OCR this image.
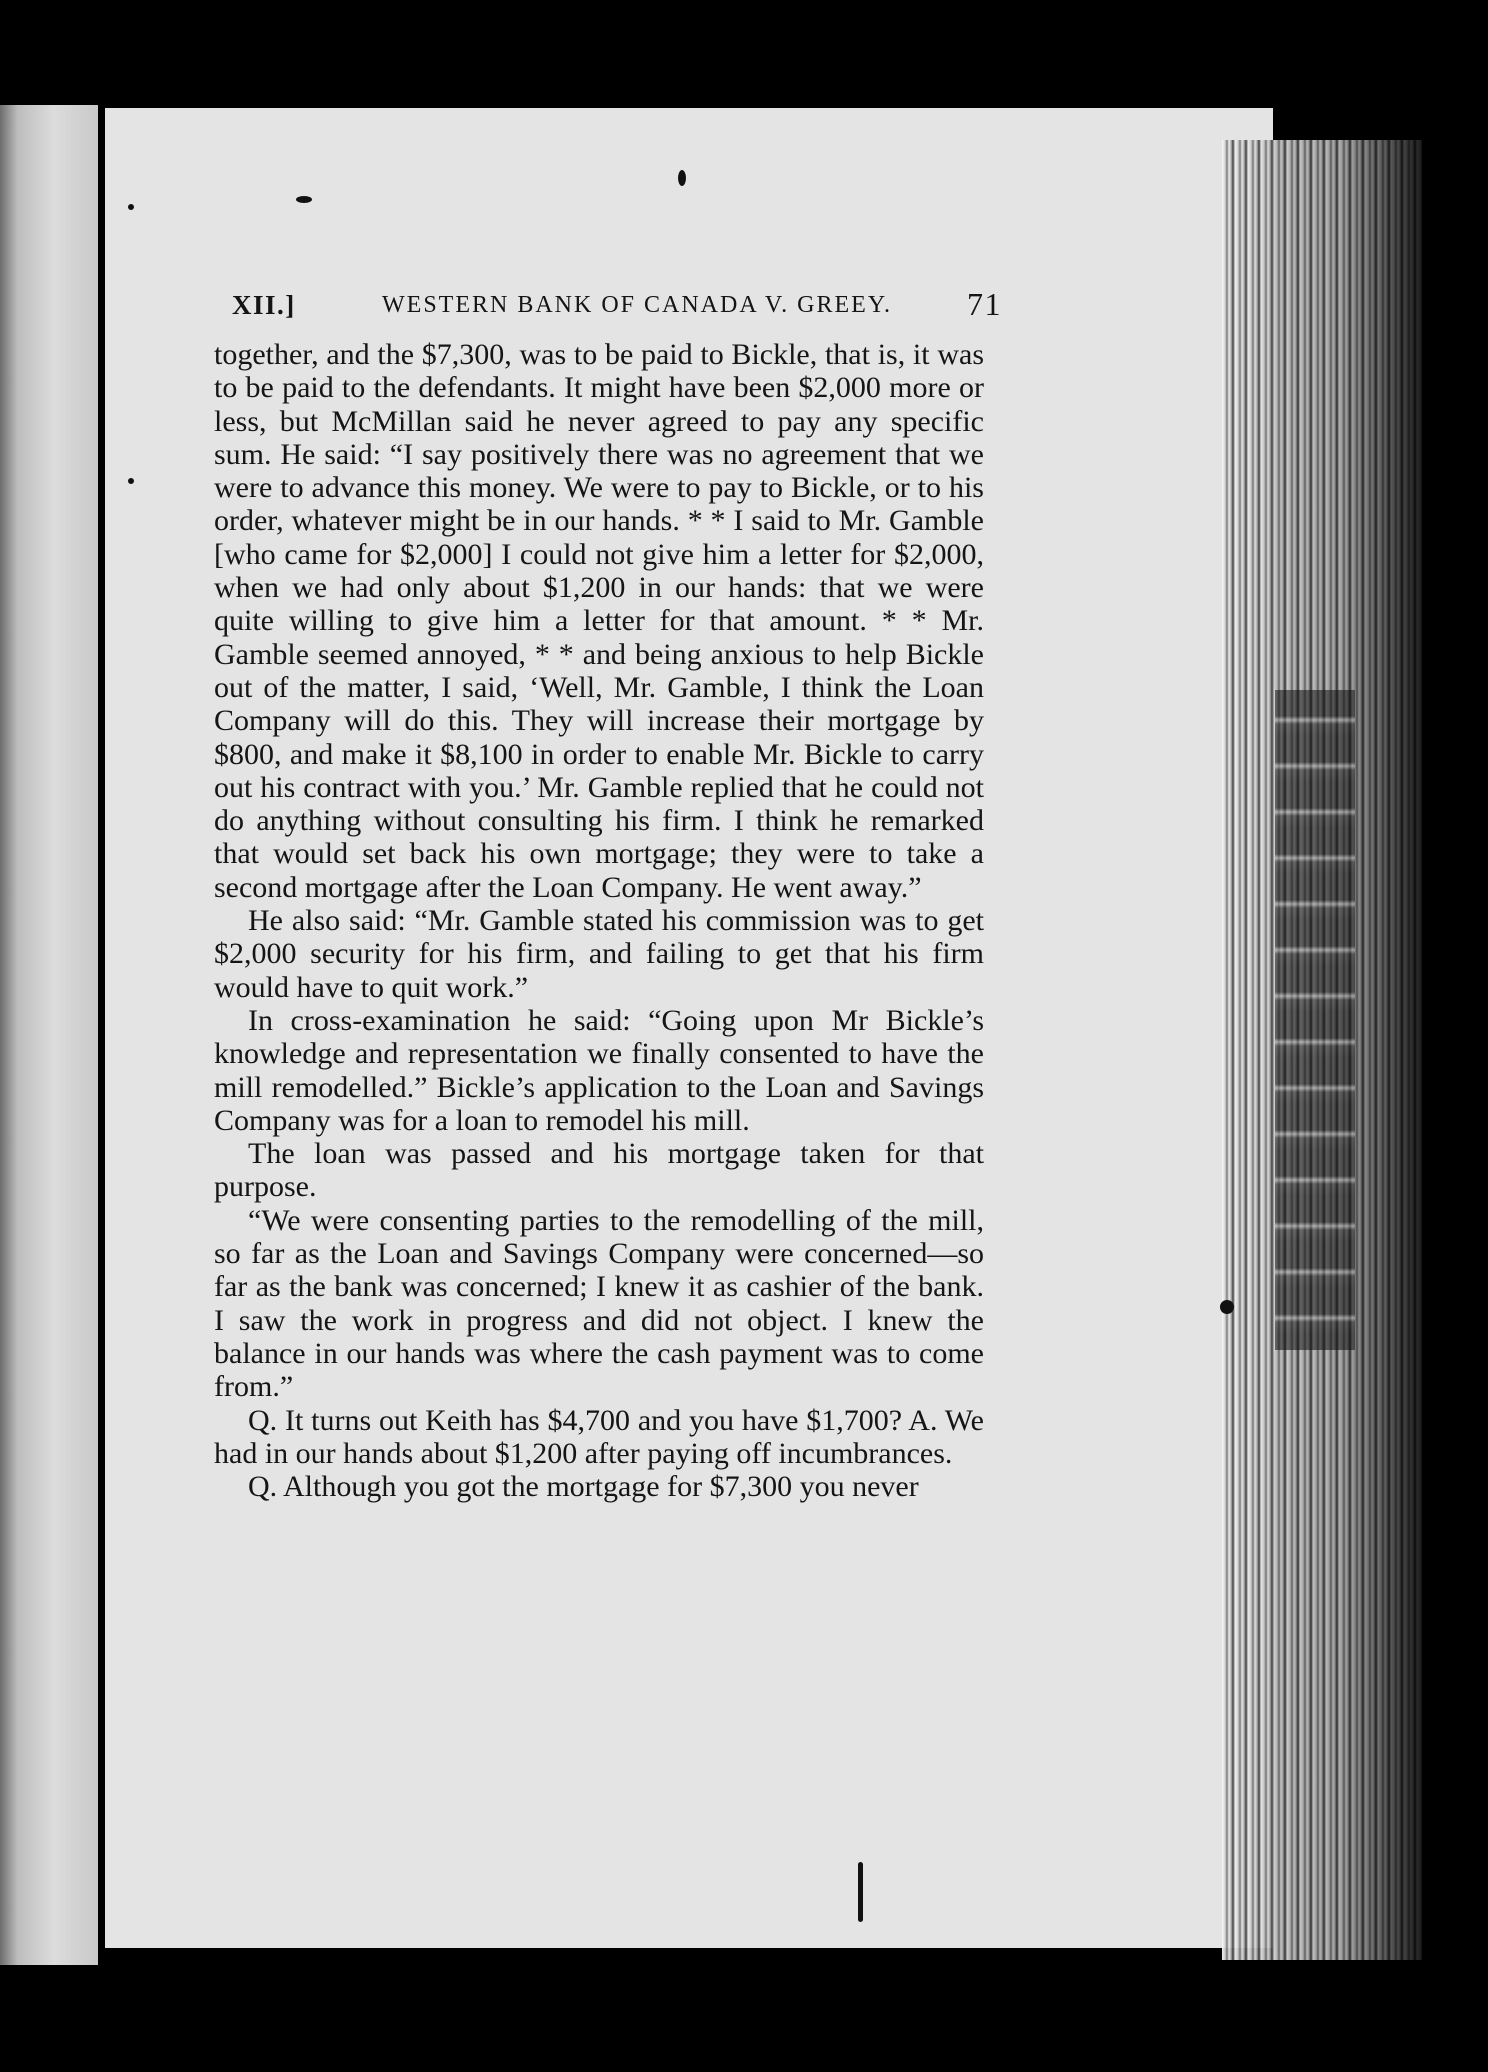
XII.]	WESTERN BANK OF CANADA V. GREEY. 71

together, and the $7,300, was to be paid to Bickle, that is, it was to be paid to the defendants. It might have been $2,000 more or less, but McMillan said he never agreed to pay any specific sum. He said: “I say positively there was no agreement that we were to advance this money. We were to pay to Bickle, or to his order, whatever might be in our hands. * * I said to Mr. Gamble [who came for $2,000] I could not give him a letter for $2,000, when we had only about $1,200 in our hands: that we were quite willing to give him a letter for that amount. * * Mr. Gamble seemed annoyed, * * and being anxious to help Bickle out of the matter, I said, ‘Well, Mr. Gamble, I think the Loan Company will do this. They will increase their mortgage by $800, and make it $8,100 in order to enable Mr. Bickle to carry out his contract with you.’ Mr. Gamble replied that he could not do anything without consulting his firm. I think he remarked that would set back his own mortgage; they were to take a second mortgage after the Loan Company. He went away.”

He also said: “Mr. Gamble stated his commission was to get $2,000 security for his firm, and failing to get that his firm would have to quit work.”

In cross-examination he said: “Going upon Mr Bickle’s knowledge and representation we finally consented to have the mill remodelled.” Bickle’s application to the Loan and Savings Company was for a loan to remodel his mill.

The loan was passed and his mortgage taken for that purpose.

“We were consenting parties to the remodelling of the mill, so far as the Loan and Savings Company were concerned—so far as the bank was concerned; I knew it as cashier of the bank. I saw the work in progress and did not object. I knew the balance in our hands was where the cash payment was to come from.”

Q. It turns out Keith has $4,700 and you have $1,700? A. We had in our hands about $1,200 after paying off incumbrances.

Q. Although you got the mortgage for $7,300 you never
